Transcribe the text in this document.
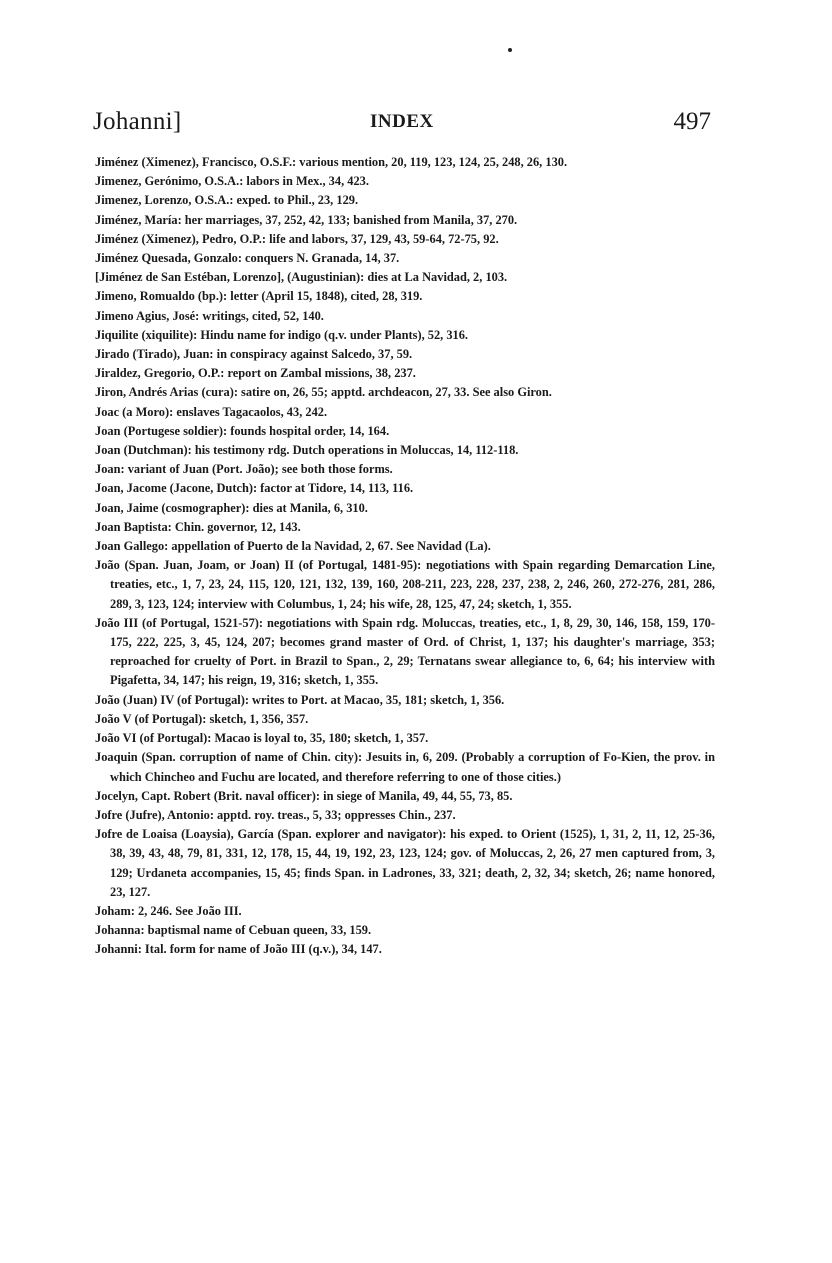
Johanni]	INDEX	497
Jiménez (Ximenez), Francisco, O.S.F.: various mention, 20, 119, 123, 124, 25, 248, 26, 130.
Jimenez, Gerónimo, O.S.A.: labors in Mex., 34, 423.
Jimenez, Lorenzo, O.S.A.: exped. to Phil., 23, 129.
Jiménez, María: her marriages, 37, 252, 42, 133; banished from Manila, 37, 270.
Jiménez (Ximenez), Pedro, O.P.: life and labors, 37, 129, 43, 59-64, 72-75, 92.
Jiménez Quesada, Gonzalo: conquers N. Granada, 14, 37.
[Jiménez de San Estéban, Lorenzo], (Augustinian): dies at La Navidad, 2, 103.
Jimeno, Romualdo (bp.): letter (April 15, 1848), cited, 28, 319.
Jimeno Agius, José: writings, cited, 52, 140.
Jiquilite (xiquilite): Hindu name for indigo (q.v. under Plants), 52, 316.
Jirado (Tirado), Juan: in conspiracy against Salcedo, 37, 59.
Jiraldez, Gregorio, O.P.: report on Zambal missions, 38, 237.
Jiron, Andrés Arias (cura): satire on, 26, 55; apptd. archdeacon, 27, 33. See also Giron.
Joac (a Moro): enslaves Tagacaolos, 43, 242.
Joan (Portugese soldier): founds hospital order, 14, 164.
Joan (Dutchman): his testimony rdg. Dutch operations in Moluccas, 14, 112-118.
Joan: variant of Juan (Port. João); see both those forms.
Joan, Jacome (Jacone, Dutch): factor at Tidore, 14, 113, 116.
Joan, Jaime (cosmographer): dies at Manila, 6, 310.
Joan Baptista: Chin. governor, 12, 143.
Joan Gallego: appellation of Puerto de la Navidad, 2, 67. See Navidad (La).
João (Span. Juan, Joam, or Joan) II (of Portugal, 1481-95): negotiations with Spain regarding Demarcation Line, treaties, etc., 1, 7, 23, 24, 115, 120, 121, 132, 139, 160, 208-211, 223, 228, 237, 238, 2, 246, 260, 272-276, 281, 286, 289, 3, 123, 124; interview with Columbus, 1, 24; his wife, 28, 125, 47, 24; sketch, 1, 355.
João III (of Portugal, 1521-57): negotiations with Spain rdg. Moluccas, treaties, etc., 1, 8, 29, 30, 146, 158, 159, 170-175, 222, 225, 3, 45, 124, 207; becomes grand master of Ord. of Christ, 1, 137; his daughter's marriage, 353; reproached for cruelty of Port. in Brazil to Span., 2, 29; Ternatans swear allegiance to, 6, 64; his interview with Pigafetta, 34, 147; his reign, 19, 316; sketch, 1, 355.
João (Juan) IV (of Portugal): writes to Port. at Macao, 35, 181; sketch, 1, 356.
João V (of Portugal): sketch, 1, 356, 357.
João VI (of Portugal): Macao is loyal to, 35, 180; sketch, 1, 357.
Joaquin (Span. corruption of name of Chin. city): Jesuits in, 6, 209. (Probably a corruption of Fo-Kien, the prov. in which Chincheo and Fuchu are located, and therefore referring to one of those cities.)
Jocelyn, Capt. Robert (Brit. naval officer): in siege of Manila, 49, 44, 55, 73, 85.
Jofre (Jufre), Antonio: apptd. roy. treas., 5, 33; oppresses Chin., 237.
Jofre de Loaisa (Loaysia), García (Span. explorer and navigator): his exped. to Orient (1525), 1, 31, 2, 11, 12, 25-36, 38, 39, 43, 48, 79, 81, 331, 12, 178, 15, 44, 19, 192, 23, 123, 124; gov. of Moluccas, 2, 26, 27 men captured from, 3, 129; Urdaneta accompanies, 15, 45; finds Span. in Ladrones, 33, 321; death, 2, 32, 34; sketch, 26; name honored, 23, 127.
Joham: 2, 246. See João III.
Johanna: baptismal name of Cebuan queen, 33, 159.
Johanni: Ital. form for name of João III (q.v.), 34, 147.
